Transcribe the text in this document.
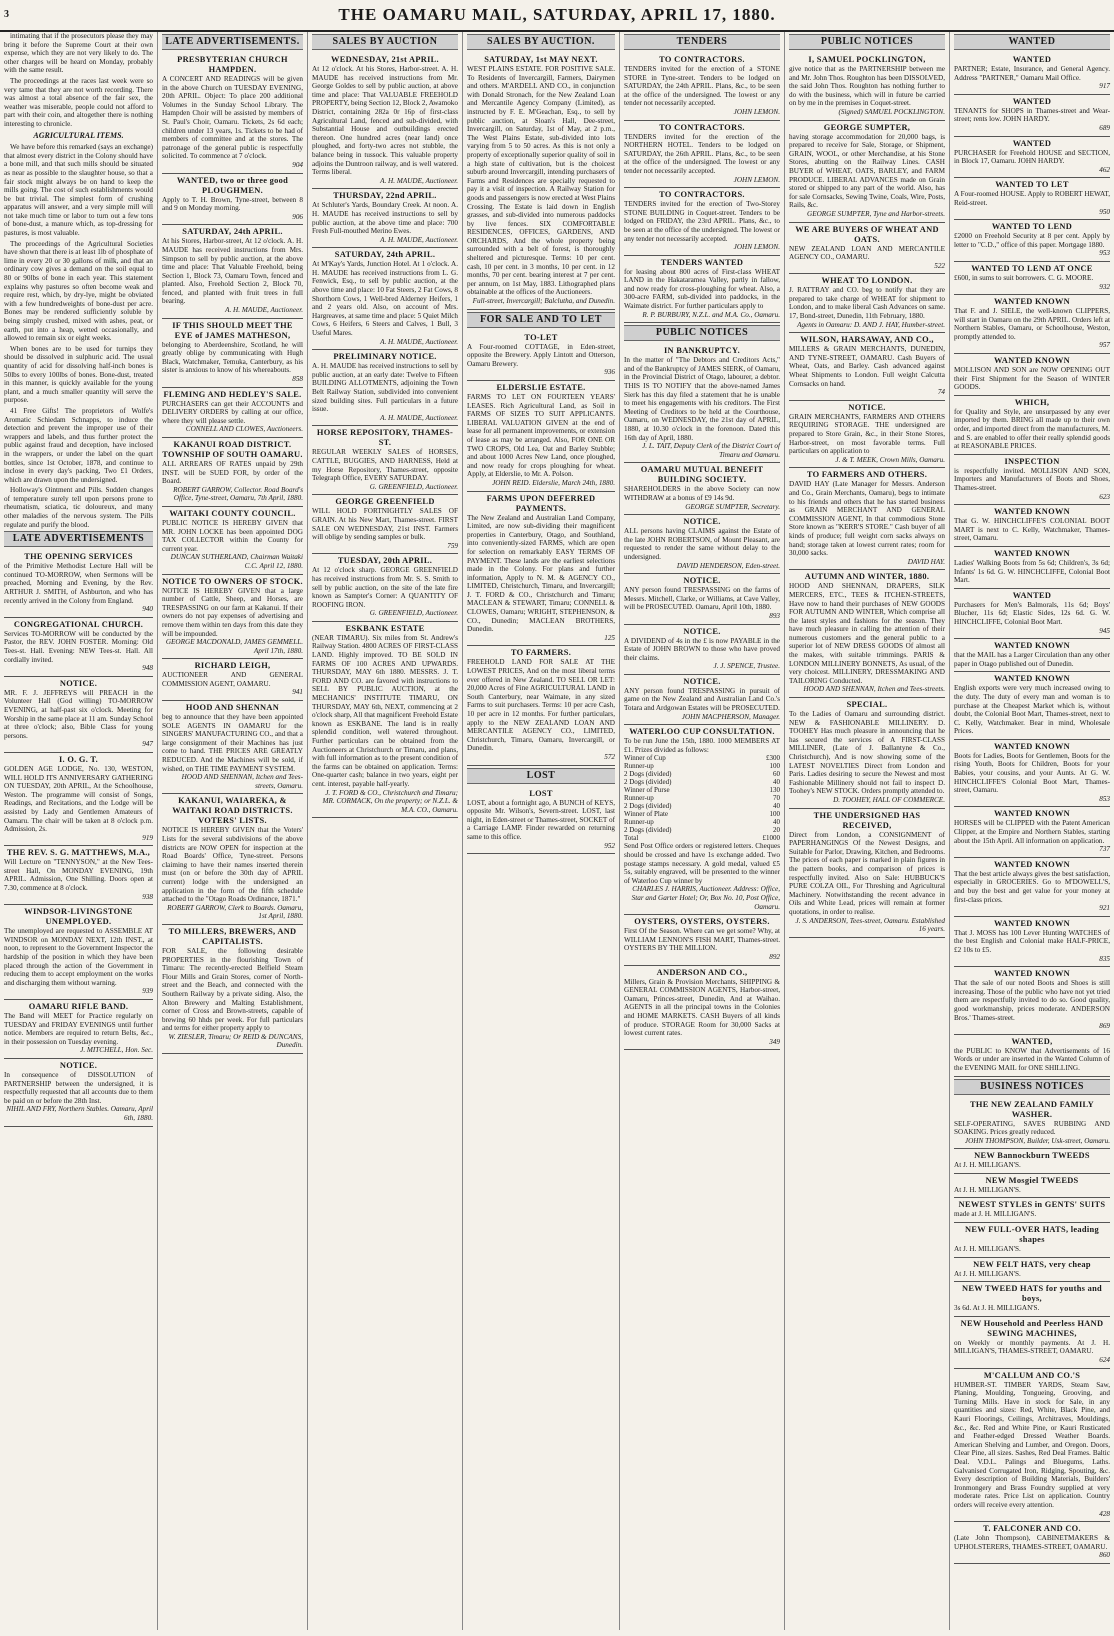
3	THE OAMARU MAIL, SATURDAY, APRIL 17, 1880.

intimating that if the prosecutors please they may bring it before the Supreme Court at their own expense, which they are not very likely to do. The other charges will be heard on Monday, probably with the same result.

The proceedings at the races last week were so very tame that they are not worth recording. There was almost a total absence of the fair sex, the weather was miserable, people could not afford to part with their coin, and altogether there is nothing interesting to chronicle.

AGRICULTURAL ITEMS.

We have before this remarked (says an exchange) that almost every district in the Colony should have a bone mill, and that such mills should be situated as near as possible to the slaughter house, so that a fair stock might always be on hand to keep the mills going. The cost of such establishments would be but trivial. The simplest form of crushing apparatus will answer, and a very simple mill will not take much time or labor to turn out a few tons of bone-dust, a manure which, as top-dressing for pastures, is most valuable.

The proceedings of the Agricultural Societies have shown that there is at least 1lb of phosphate of lime in every 20 or 30 gallons of milk, and that an ordinary cow gives a demand on the soil equal to 80 or 90lbs of bone in each year. This statement explains why pastures so often become weak and require rest, which, by dry-lye, might be obviated with a few hundredweights of bone-dust per acre. Bones may be rendered sufficiently soluble by being simply crushed, mixed with ashes, peat, or earth, put into a heap, wetted occasionally, and allowed to remain six or eight weeks.

When bones are to be used for turnips they should be dissolved in sulphuric acid. The usual quantity of acid for dissolving half-inch bones is 50lbs to every 100lbs of bones. Bone-dust, treated in this manner, is quickly available for the young plant, and a much smaller quantity will serve the purpose.

41 Free Gifts! The proprietors of Wolfe's Aromatic Schiedam Schnapps, to induce the detection and prevent the improper use of their wrappers and labels, and thus further protect the public against fraud and deception, have inclosed in the wrappers, or under the label on the quart bottles, since 1st October, 1878, and continue to inclose in every day's packing, Two £1 Orders, which are drawn upon the undersigned.

Holloway's Ointment and Pills. Sudden changes of temperature surely tell upon persons prone to rheumatism, sciatica, tic doloureux, and many other maladies of the nervous system. The Pills regulate and purify the blood.

LATE ADVERTISEMENTS
THE OPENING SERVICES
of the Primitive Methodist Lecture Hall will be continued TO-MORROW, when Sermons will be preached, Morning and Evening, by the Rev. ARTHUR J. SMITH, of Ashburton, and who has recently arrived in the Colony from England.
940
CONGREGATIONAL CHURCH.
Services TO-MORROW will be conducted by the Pastor, the REV. JOHN FOSTER. Morning: Old Tees-st. Hall. Evening: NEW Tees-st. Hall. All cordially invited.
948
NOTICE.
MR. F. J. JEFFREYS will PREACH in the Volunteer Hall (God willing) TO-MORROW EVENING, at half-past six o'clock. Meeting for Worship in the same place at 11 am. Sunday School at three o'clock; also, Bible Class for young persons.
947
I. O. G. T.
GOLDEN AGE LODGE, No. 130, WESTON, WILL HOLD ITS ANNIVERSARY GATHERING ON TUESDAY, 20th APRIL, At the Schoolhouse, Weston. The programme will consist of Songs, Readings, and Recitations, and the Lodge will be assisted by Lady and Gentlemen Amateurs of Oamaru. The chair will be taken at 8 o'clock p.m. Admission, 2s.
919
THE REV. S. G. MATTHEWS, M.A.,
Will Lecture on "TENNYSON," at the New Tees-street Hall, On MONDAY EVENING, 19th APRIL. Admission, One Shilling. Doors open at 7.30, commence at 8 o'clock.
938
WINDSOR-LIVINGSTONE UNEMPLOYED.
The unemployed are requested to ASSEMBLE AT WINDSOR on MONDAY NEXT, 12th INST., at noon, to represent to the Government Inspector the hardship of the position in which they have been placed through the action of the Government in reducing them to accept employment on the works and discharging them without warning.
939
OAMARU RIFLE BAND.
The Band will MEET for Practice regularly on TUESDAY and FRIDAY EVENINGS until further notice. Members are required to return Belts, &c., in their possession on Tuesday evening.
J. MITCHELL, Hon. Sec.
NOTICE.
In consequence of DISSOLUTION of PARTNERSHIP between the undersigned, it is respectfully requested that all accounts due to them be paid on or before the 28th Inst.
NIHIL AND FRY, Northern Stables. Oamaru, April 6th, 1880.
LATE ADVERTISEMENTS.
PRESBYTERIAN CHURCH HAMPDEN.
A CONCERT AND READINGS will be given in the above Church on TUESDAY EVENING, 20th APRIL. Object: To place 200 additional Volumes in the Sunday School Library. The Hampden Choir will be assisted by members of St. Paul's Choir, Oamaru. Tickets, 2s 6d each; children under 13 years, 1s. Tickets to be had of members of committee and at the stores. The patronage of the general public is respectfully solicited. To commence at 7 o'clock.
904
WANTED, two or three good PLOUGHMEN.
Apply to T. H. Brown, Tyne-street, between 8 and 9 on Monday morning.
906
SATURDAY, 24th APRIL.
At his Stores, Harbor-street, At 12 o'clock. A. H. MAUDE has received instructions from Mrs. Simpson to sell by public auction, at the above time and place: That Valuable Freehold, being Section 1, Block 73, Oamaru Town, fenced and planted. Also, Freehold Section 2, Block 70, fenced, and planted with fruit trees in full bearing.
A. H. MAUDE, Auctioneer.
IF THIS SHOULD MEET THE EYE of JAMES MATHESON,
belonging to Aberdeenshire, Scotland, he will greatly oblige by communicating with Hugh Black, Watchmaker, Temuka, Canterbury, as his sister is anxious to know of his whereabouts.
858
FLEMING AND HEDLEY'S SALE.
PURCHASERS can get their ACCOUNTS and DELIVERY ORDERS by calling at our office, where they will please settle.
CONNELL AND CLOWES, Auctioneers.
KAKANUI ROAD DISTRICT. TOWNSHIP OF SOUTH OAMARU.
ALL ARREARS OF RATES unpaid by 29th INST. will be SUED FOR, by order of the Board.
ROBERT GARROW, Collector. Road Board's Office, Tyne-street, Oamaru, 7th April, 1880.
WAITAKI COUNTY COUNCIL.
PUBLIC NOTICE IS HEREBY GIVEN that MR. JOHN LOCKE has been appointed DOG TAX COLLECTOR within the County for current year.
DUNCAN SUTHERLAND, Chairman Waitaki C.C. April 12, 1880.
NOTICE TO OWNERS OF STOCK.
NOTICE IS HEREBY GIVEN that a large number of Cattle, Sheep, and Horses, are TRESPASSING on our farm at Kakanui. If their owners do not pay expenses of advertising and remove them within ten days from this date they will be impounded.
GEORGE MACDONALD, JAMES GEMMELL. April 17th, 1880.
RICHARD LEIGH,
AUCTIONEER AND GENERAL COMMISSION AGENT, OAMARU.
941
HOOD AND SHENNAN
beg to announce that they have been appointed SOLE AGENTS IN OAMARU for the SINGERS' MANUFACTURING CO., and that a large consignment of their Machines has just come to hand. THE PRICES ARE GREATLY REDUCED. And the Machines will be sold, if wished, on THE TIME PAYMENT SYSTEM.
HOOD AND SHENNAN, Itchen and Tees-streets, Oamaru.
KAKANUI, WAIAREKA, & WAITAKI ROAD DISTRICTS. VOTERS' LISTS.
NOTICE IS HEREBY GIVEN that the Voters' Lists for the several subdivisions of the above districts are NOW OPEN for inspection at the Road Boards' Office, Tyne-street. Persons claiming to have their names inserted therein must (on or before the 30th day of APRIL current) lodge with the undersigned an application in the form of the fifth schedule attached to the "Otago Roads Ordinance, 1871."
ROBERT GARROW, Clerk to Boards. Oamaru, 1st April, 1880.
TO MILLERS, BREWERS, AND CAPITALISTS.
FOR SALE, the following desirable PROPERTIES in the flourishing Town of Timaru: The recently-erected Belfield Steam Flour Mills and Grain Stores, corner of North-street and the Beach, and connected with the Southern Railway by a private siding. Also, the Alton Brewery and Malting Establishment, corner of Cross and Brown-streets, capable of brewing 60 hhds per week. For full particulars and terms for either property apply to
W. ZIESLER, Timaru; Or REID & DUNCANS, Dunedin.
SALES BY AUCTION
WEDNESDAY, 21st APRIL.
At 12 o'clock. At his Stores, Harbor-street. A. H. MAUDE has received instructions from Mr. George Goldes to sell by public auction, at above time and place: That VALUABLE FREEHOLD PROPERTY, being Section 12, Block 2, Awamoko District, containing 282a 0r 16p of first-class Agricultural Land, fenced and sub-divided, with Substantial House and outbuildings erected thereon. One hundred acres (near land) once ploughed, and forty-two acres not stubble, the balance being in tussock. This valuable property adjoins the Duntroon railway, and is well watered. Terms liberal.
A. H. MAUDE, Auctioneer.
THURSDAY, 22nd APRIL.
At Schluter's Yards, Boundary Creek. At noon. A. H. MAUDE has received instructions to sell by public auction, at the above time and place: 700 Fresh Full-mouthed Merino Ewes.
A. H. MAUDE, Auctioneer.
SATURDAY, 24th APRIL.
At M'Kay's Yards, Junction Hotel. At 1 o'clock. A. H. MAUDE has received instructions from L. G. Fenwick, Esq., to sell by public auction, at the above time and place: 10 Fat Steers, 2 Fat Cows, 8 Shorthorn Cows, 1 Well-bred Alderney Heifers, 1 and 2 years old. Also, on account of Mrs. Hargreaves, at same time and place: 5 Quiet Milch Cows, 6 Heifers, 6 Steers and Calves, 1 Bull, 3 Useful Mares.
A. H. MAUDE, Auctioneer.
PRELIMINARY NOTICE.
A. H. MAUDE has received instructions to sell by public auction, at an early date: Twelve to Fifteen BUILDING ALLOTMENTS, adjoining the Town Belt Railway Station, subdivided into convenient sized building sites. Full particulars in a future issue.
A. H. MAUDE, Auctioneer.
HORSE REPOSITORY, THAMES-ST.
REGULAR WEEKLY SALES of HORSES, CATTLE, BUGGIES, AND HARNESS, Held at my Horse Repository, Thames-street, opposite Telegraph Office, EVERY SATURDAY.
G. GREENFIELD, Auctioneer.
GEORGE GREENFIELD
WILL HOLD FORTNIGHTLY SALES OF GRAIN. At his New Mart, Thames-street. FIRST SALE ON WEDNESDAY, 21st INST. Farmers will oblige by sending samples or bulk.
759
TUESDAY, 20th APRIL.
At 12 o'clock sharp. GEORGE GREENFIELD has received instructions from Mr. S. S. Smith to sell by public auction, on the site of the late fire known as Sampter's Corner: A QUANTITY OF ROOFING IRON.
G. GREENFIELD, Auctioneer.
ESKBANK ESTATE
(NEAR TIMARU). Six miles from St. Andrew's Railway Station. 4800 ACRES OF FIRST-CLASS LAND. Highly improved. TO BE SOLD IN FARMS OF 100 ACRES AND UPWARDS. THURSDAY, MAY 6th 1880. MESSRS. J. T. FORD AND CO. are favored with instructions to SELL BY PUBLIC AUCTION, at the MECHANICS' INSTITUTE TIMARU, ON THURSDAY, MAY 6th, NEXT, commencing at 2 o'clock sharp, All that magnificent Freehold Estate known as ESKBANE. The land is in really splendid condition, well watered throughout. Further particulars can be obtained from the Auctioneers at Christchurch or Timaru, and plans, with full information as to the present condition of the farms can be obtained on application. Terms: One-quarter cash; balance in two years, eight per cent. interest, payable half-yearly.
J. T. FORD & CO., Christchurch and Timaru; MR. CORMACK, On the property; or N.Z.L. & M.A. CO., Oamaru.
SALES BY AUCTION.
SATURDAY, 1st MAY NEXT.
WEST PLAINS ESTATE. FOR POSITIVE SALE. To Residents of Invercargill, Farmers, Dairymen and others. M'ARDELL AND CO., in conjunction with Donald Stronach, for the New Zealand Loan and Mercantile Agency Company (Limited), as instructed by F. E. M'Geachan, Esq., to sell by public auction, at Sloan's Hall, Dee-street, Invercargill, on Saturday, 1st of May, at 2 p.m., The West Plains Estate, sub-divided into lots varying from 5 to 50 acres. As this is not only a property of exceptionally superior quality of soil in a high state of cultivation, but is the choicest suburb around Invercargill, intending purchasers of Farms and Residences are specially requested to pay it a visit of inspection. A Railway Station for goods and passengers is now erected at West Plains Crossing. The Estate is laid down in English grasses, and sub-divided into numerous paddocks by live fences. SIX COMFORTABLE RESIDENCES, OFFICES, GARDENS, AND ORCHARDS, And the whole property being surrounded with a belt of forest, is thoroughly sheltered and picturesque. Terms: 10 per cent. cash, 10 per cent. in 3 months, 10 per cent. in 12 months, 70 per cent. bearing interest at 7 per cent. per annum, on 1st May, 1883. Lithographed plans obtainable at the offices of the Auctioneers.
Full-street, Invercargill; Balclutha, and Dunedin.
FOR SALE AND TO LET
TO-LET
A Four-roomed COTTAGE, in Eden-street, opposite the Brewery. Apply Lintott and Otterson, Oamaru Brewery.
936
ELDERSLIE ESTATE.
FARMS TO LET ON FOURTEEN YEARS' LEASES. Rich Agricultural Land, as Soil in FARMS OF SIZES TO SUIT APPLICANTS. LIBERAL VALUATION GIVEN at the end of lease for all permanent improvements, or extension of lease as may be arranged. Also, FOR ONE OR TWO CROPS, Old Lea, Oat and Barley Stubble; and about 1000 Acres New Land, once ploughed, and now ready for crops ploughing for wheat. Apply, at Elderslie, to Mr. A. Polson.
JOHN REID. Elderslie, March 24th, 1880.
FARMS UPON DEFERRED PAYMENTS.
The New Zealand and Australian Land Company, Limited, are now sub-dividing their magnificent properties in Canterbury, Otago, and Southland, into conveniently-sized FARMS, which are open for selection on remarkably EASY TERMS OF PAYMENT. These lands are the earliest selections made in the Colony. For plans and further information, Apply to N. M. & AGENCY CO., LIMITED, Christchurch, Timaru, and Invercargill; J. T. FORD & CO., Christchurch and Timaru; MACLEAN & STEWART, Timaru; CONNELL & CLOWES, Oamaru; WRIGHT, STEPHENSON, & CO., Dunedin; MACLEAN BROTHERS, Dunedin.
125
TO FARMERS.
FREEHOLD LAND FOR SALE AT THE LOWEST PRICES, And on the most liberal terms ever offered in New Zealand. TO SELL OR LET: 20,000 Acres of Fine AGRICULTURAL LAND in South Canterbury, near Waimate, in any sized Farms to suit purchasers. Terms: 10 per acre Cash, 10 per acre in 12 months. For further particulars, apply to the NEW ZEALAND LOAN AND MERCANTILE AGENCY CO., LIMITED, Christchurch, Timaru, Oamaru, Invercargill, or Dunedin.
572
LOST
LOST
LOST, about a fortnight ago, A BUNCH of KEYS, opposite Mr. Wilson's, Severn-street. LOST, last night, in Eden-street or Thames-street, SOCKET of a Carriage LAMP. Finder rewarded on returning same to this office.
952
TENDERS
TO CONTRACTORS.
TENDERS invited for the erection of a STONE STORE in Tyne-street. Tenders to be lodged on SATURDAY, the 24th APRIL. Plans, &c., to be seen at the office of the undersigned. The lowest or any tender not necessarily accepted.
JOHN LEMON.
TO CONTRACTORS.
TENDERS invited for the erection of the NORTHERN HOTEL. Tenders to be lodged on SATURDAY, the 26th APRIL. Plans, &c., to be seen at the office of the undersigned. The lowest or any tender not necessarily accepted.
JOHN LEMON.
TO CONTRACTORS.
TENDERS invited for the erection of Two-Storey STONE BUILDING in Coquet-street. Tenders to be lodged on FRIDAY, the 23rd APRIL. Plans, &c., to be seen at the office of the undersigned. The lowest or any tender not necessarily accepted.
JOHN LEMON.
TENDERS WANTED
for leasing about 800 acres of First-class WHEAT LAND in the Hakataramea Valley, partly in fallow, and now ready for cross-ploughing for wheat. Also, a 300-acre FARM, sub-divided into paddocks, in the Waimate district. For further particulars apply to
R. P. BURBURY, N.Z.L. and M.A. Co., Oamaru.
PUBLIC NOTICES
IN BANKRUPTCY.
In the matter of "The Debtors and Creditors Acts," and of the Bankruptcy of JAMES SIERK, of Oamaru, in the Provincial District of Otago, labourer, a debtor. THIS IS TO NOTIFY that the above-named James Sierk has this day filed a statement that he is unable to meet his engagements with his creditors. The First Meeting of Creditors to be held at the Courthouse, Oamaru, on WEDNESDAY, the 21st day of APRIL, 1880, at 10.30 o'clock in the forenoon. Dated this 16th day of April, 1880.
J. L. TAIT, Deputy Clerk of the District Court of Timaru and Oamaru.
OAMARU MUTUAL BENEFIT BUILDING SOCIETY.
SHAREHOLDERS in the above Society can now WITHDRAW at a bonus of £9 14s 9d.
GEORGE SUMPTER, Secretary.
NOTICE.
ALL persons having CLAIMS against the Estate of the late JOHN ROBERTSON, of Mount Pleasant, are requested to render the same without delay to the undersigned.
DAVID HENDERSON, Eden-street.
NOTICE.
ANY person found TRESPASSING on the farms of Messrs. Mitchell, Clarke, or Williams, at Cave Valley, will be PROSECUTED. Oamaru, April 10th, 1880.
893
NOTICE.
A DIVIDEND of 4s in the £ is now PAYABLE in the Estate of JOHN BROWN to those who have proved their claims.
J. J. SPENCE, Trustee.
NOTICE.
ANY person found TRESPASSING in pursuit of game on the New Zealand and Australian Land Co.'s Totara and Ardgowan Estates will be PROSECUTED.
JOHN MACPHERSON, Manager.
WATERLOO CUP CONSULTATION.
To be run June the 15th, 1880. 1000 MEMBERS AT £1. Prizes divided as follows:
Winner of Cup	£300
Runner-up	100
2 Dogs (divided)	60
2 Dogs (divided)	40
Winner of Purse	130
Runner-up	70
2 Dogs (divided)	40
Winner of Plate	100
Runner-up	40
2 Dogs (divided)	20
Total	£1000
Send Post Office orders or registered letters. Cheques should be crossed and have 1s exchange added. Two postage stamps necessary. A gold medal, valued £5 5s, suitably engraved, will be presented to the winner of Waterloo Cup winner by
CHARLES J. HARRIS, Auctioneer. Address: Office, Star and Garter Hotel; Or, Box No. 10, Post Office, Oamaru.
OYSTERS, OYSTERS, OYSTERS.
First Of the Season. Where can we get some? Why, at WILLIAM LENNON'S FISH MART, Thames-street. OYSTERS BY THE MILLION.
892
ANDERSON AND CO.,
Millers, Grain & Provision Merchants, SHIPPING & GENERAL COMMISSION AGENTS, Harbor-street, Oamaru, Princes-street, Dunedin, And at Waihao. AGENTS in all the principal towns in the Colonies and HOME MARKETS. CASH Buyers of all kinds of produce. STORAGE Room for 30,000 Sacks at lowest current rates.
349
PUBLIC NOTICES
I, SAMUEL POCKLINGTON,
give notice that as the PARTNERSHIP between me and Mr. John Thos. Roughton has been DISSOLVED, the said John Thos. Roughton has nothing further to do with the business, which will in future be carried on by me in the premises in Coquet-street.
(Signed) SAMUEL POCKLINGTON.
GEORGE SUMPTER,
having storage accommodation for 20,000 bags, is prepared to receive for Sale, Storage, or Shipment, GRAIN, WOOL, or other Merchandise, at his Stone Stores, abutting on the Railway Lines. CASH BUYER of WHEAT, OATS, BARLEY, and FARM PRODUCE. LIBERAL ADVANCES made on Grain stored or shipped to any part of the world. Also, has for sale Cornsacks, Sewing Twine, Coals, Wire, Posts, Rails, &c.
GEORGE SUMPTER, Tyne and Harbor-streets.
WE ARE BUYERS OF WHEAT AND OATS.
NEW ZEALAND LOAN AND MERCANTILE AGENCY CO., OAMARU.
522
WHEAT TO LONDON.
J. RATTRAY and CO. beg to notify that they are prepared to take charge of WHEAT for shipment to London, and to make liberal Cash Advances on same. 17, Bond-street, Dunedin, 11th February, 1880.
Agents in Oamaru: D. AND J. HAY, Humber-street.
WILSON, HARSAWAY, AND CO.,
MILLERS & GRAIN MERCHANTS, DUNEDIN, AND TYNE-STREET, OAMARU. Cash Buyers of Wheat, Oats, and Barley. Cash advanced against Wheat Shipments to London. Full weight Calcutta Cornsacks on hand.
74
NOTICE.
GRAIN MERCHANTS, FARMERS AND OTHERS REQUIRING STORAGE. THE undersigned are prepared to Store Grain, &c., in their Stone Stores, Harbor-street, on most favorable terms. Full particulars on application to
J. & T. MEEK, Crown Mills, Oamaru.
TO FARMERS AND OTHERS.
DAVID HAY (Late Manager for Messrs. Anderson and Co., Grain Merchants, Oamaru), begs to intimate to his friends and others that he has started business as GRAIN MERCHANT AND GENERAL COMMISSION AGENT, In that commodious Stone Store known as "KERR'S STORE." Cash buyer of all kinds of produce; full weight corn sacks always on hand; storage taken at lowest current rates; room for 30,000 sacks.
DAVID HAY.
AUTUMN AND WINTER, 1880.
HOOD AND SHENNAN, DRAPERS, SILK MERCERS, ETC., TEES & ITCHEN-STREETS, Have now to hand their purchases of NEW GOODS FOR AUTUMN AND WINTER, Which comprise all the latest styles and fashions for the season. They have much pleasure in calling the attention of their numerous customers and the general public to a superior lot of NEW DRESS GOODS Of almost all the makes, with suitable trimmings. PARIS & LONDON MILLINERY BONNETS, As usual, of the very choicest. MILLINERY, DRESSMAKING AND TAILORING Conducted.
HOOD AND SHENNAN, Itchen and Tees-streets.
SPECIAL.
To the Ladies of Oamaru and surrounding district. NEW & FASHIONABLE MILLINERY. D. TOOHEY Has much pleasure in announcing that he has secured the services of A FIRST-CLASS MILLINER, (Late of J. Ballantyne & Co., Christchurch), And is now showing some of the LATEST NOVELTIES Direct from London and Paris. Ladies desiring to secure the Newest and most Fashionable Millinery should not fail to inspect D. Toohey's NEW STOCK. Orders promptly attended to.
D. TOOHEY, HALL OF COMMERCE.
THE UNDERSIGNED HAS RECEIVED,
Direct from London, a CONSIGNMENT of PAPERHANGINGS Of the Newest Designs, and Suitable for Parlor, Drawing, Kitchen, and Bedrooms. The prices of each paper is marked in plain figures in the pattern books, and comparison of prices is respectfully invited. Also on Sale: HUBBUCK'S PURE COLZA OIL, For Threshing and Agricultural Machinery. Notwithstanding the recent advance in Oils and White Lead, prices will remain at former quotations, in order to realise.
J. S. ANDERSON, Tees-street, Oamaru. Established 16 years.
WANTED
WANTED
PARTNER; Estate, Insurance, and General Agency. Address "PARTNER," Oamaru Mail Office.
917
WANTED
TENANTS for SHOPS in Thames-street and Wear-street; rents low. JOHN HARDY.
689
WANTED
PURCHASER for Freehold HOUSE and SECTION, in Block 17, Oamaru. JOHN HARDY.
462
WANTED TO LET
A Four-roomed HOUSE. Apply to ROBERT HEWAT, Reid-street.
950
WANTED TO LEND
£2000 on Freehold Security at 8 per cent. Apply by letter to "C.D.," office of this paper. Mortgage 1880.
953
WANTED TO LEND AT ONCE
£600, in sums to suit borrowers. C. G. MOORE.
932
WANTED KNOWN
That F. and J. SIELE, the well-known CLIPPERS, will start in Oamaru on the 29th APRIL. Orders left at Northern Stables, Oamaru, or Schoolhouse, Weston, promptly attended to.
957
WANTED KNOWN
MOLLISON AND SON are NOW OPENING OUT their First Shipment for the Season of WINTER GOODS.
WHICH,
for Quality and Style, are unsurpassed by any ever imported by them. BRING all made up to their own order, and imported direct from the manufacturers, M. and S. are enabled to offer their really splendid goods at REASONABLE PRICES.
INSPECTION
is respectfully invited. MOLLISON AND SON, Importers and Manufacturers of Boots and Shoes, Thames-street.
623
WANTED KNOWN
That G. W. HINCHCLIFFE'S COLONIAL BOOT MART is next to C. Kelly, Watchmaker, Thames-street, Oamaru.
WANTED KNOWN
Ladies' Walking Boots from 5s 6d; Children's, 3s 6d; Infants' 1s 6d. G. W. HINCHCLIFFE, Colonial Boot Mart.
WANTED
Purchasers for Men's Balmorals, 11s 6d; Boys' Blucher, 11s 6d; Elastic Sides, 12s 6d. G. W. HINCHCLIFFE, Colonial Boot Mart.
945
WANTED KNOWN
that the MAIL has a Larger Circulation than any other paper in Otago published out of Dunedin.
WANTED KNOWN
English exports were very much increased owing to the duty. The duty of every man and woman is to purchase at the Cheapest Market which is, without doubt, the Colonial Boot Mart, Thames-street, next to C. Kelly, Watchmaker. Bear in mind, Wholesale Prices.
WANTED KNOWN
Boots for Ladies, Boots for Gentlemen, Boots for the rising Youth, Boots for Children, Boots for your Babies, your cousins, and your Aunts. At G. W. HINCHCLIFFE'S Colonial Boot Mart, Thames-street, Oamaru.
853
WANTED KNOWN
HORSES will be CLIPPED with the Patent American Clipper, at the Empire and Northern Stables, starting about the 15th April. All information on application.
737
WANTED KNOWN
That the best article always gives the best satisfaction, especially in GROCERIES. Go to M'DOWELL'S, and buy the best and get value for your money at first-class prices.
921
WANTED KNOWN
That J. MOSS has 100 Lever Hunting WATCHES of the best English and Colonial make HALF-PRICE, £2 10s to £5.
835
WANTED KNOWN
That the sale of our noted Boots and Shoes is still increasing. Those of the public who have not yet tried them are respectfully invited to do so. Good quality, good workmanship, prices moderate. ANDERSON Bros.' Thames-street.
869
WANTED,
the PUBLIC to KNOW that Advertisements of 16 Words or under are inserted in the Wanted Column of the EVENING MAIL for ONE SHILLING.
BUSINESS NOTICES
THE NEW ZEALAND FAMILY WASHER.
SELF-OPERATING, SAVES RUBBING AND SOAKING. Prices greatly reduced.
JOHN THOMPSON, Builder, Usk-street, Oamaru.
NEW Bannockburn TWEEDS
At J. H. MILLIGAN'S.
NEW Mosgiel TWEEDS
At J. H. MILLIGAN'S.
NEWEST STYLES in GENTS' SUITS
made at J. H. MILLIGAN'S.
NEW FULL-OVER HATS, leading shapes
At J. H. MILLIGAN'S.
NEW FELT HATS, very cheap
At J. H. MILLIGAN'S.
NEW TWEED HATS for youths and boys,
3s 6d. At J. H. MILLIGAN'S.
NEW Household and Peerless HAND SEWING MACHINES,
on Weekly or monthly payments. At J. H. MILLIGAN'S, THAMES-STREET, OAMARU.
624
M'CALLUM AND CO.'S
HUMBER-ST. TIMBER YARDS, Steam Saw, Planing, Moulding, Tongueing, Grooving, and Turning Mills. Have in stock for Sale, in any quantities and sizes: Red, White, Black Pine, and Kauri Floorings, Ceilings, Architraves, Mouldings, &c., &c. Red and White Pine, or Kauri Rusticated and Feather-edged Dressed Weather Boards. American Shelving and Lumber, and Oregon. Doors, Clear Pine, all sizes. Sashes, Red Deal Frames. Baltic Deal. V.D.L. Palings and Bluegums, Laths. Galvanised Corrugated Iron, Ridging, Spouting, &c. Every description of Building Materials, Builders' Ironmongery and Brass Foundry supplied at very moderate rates. Price List on application. Country orders will receive every attention.
428
T. FALCONER AND CO.
(Late John Thompson), CABINETMAKERS & UPHOLSTERERS, THAMES-STREET, OAMARU.
860
